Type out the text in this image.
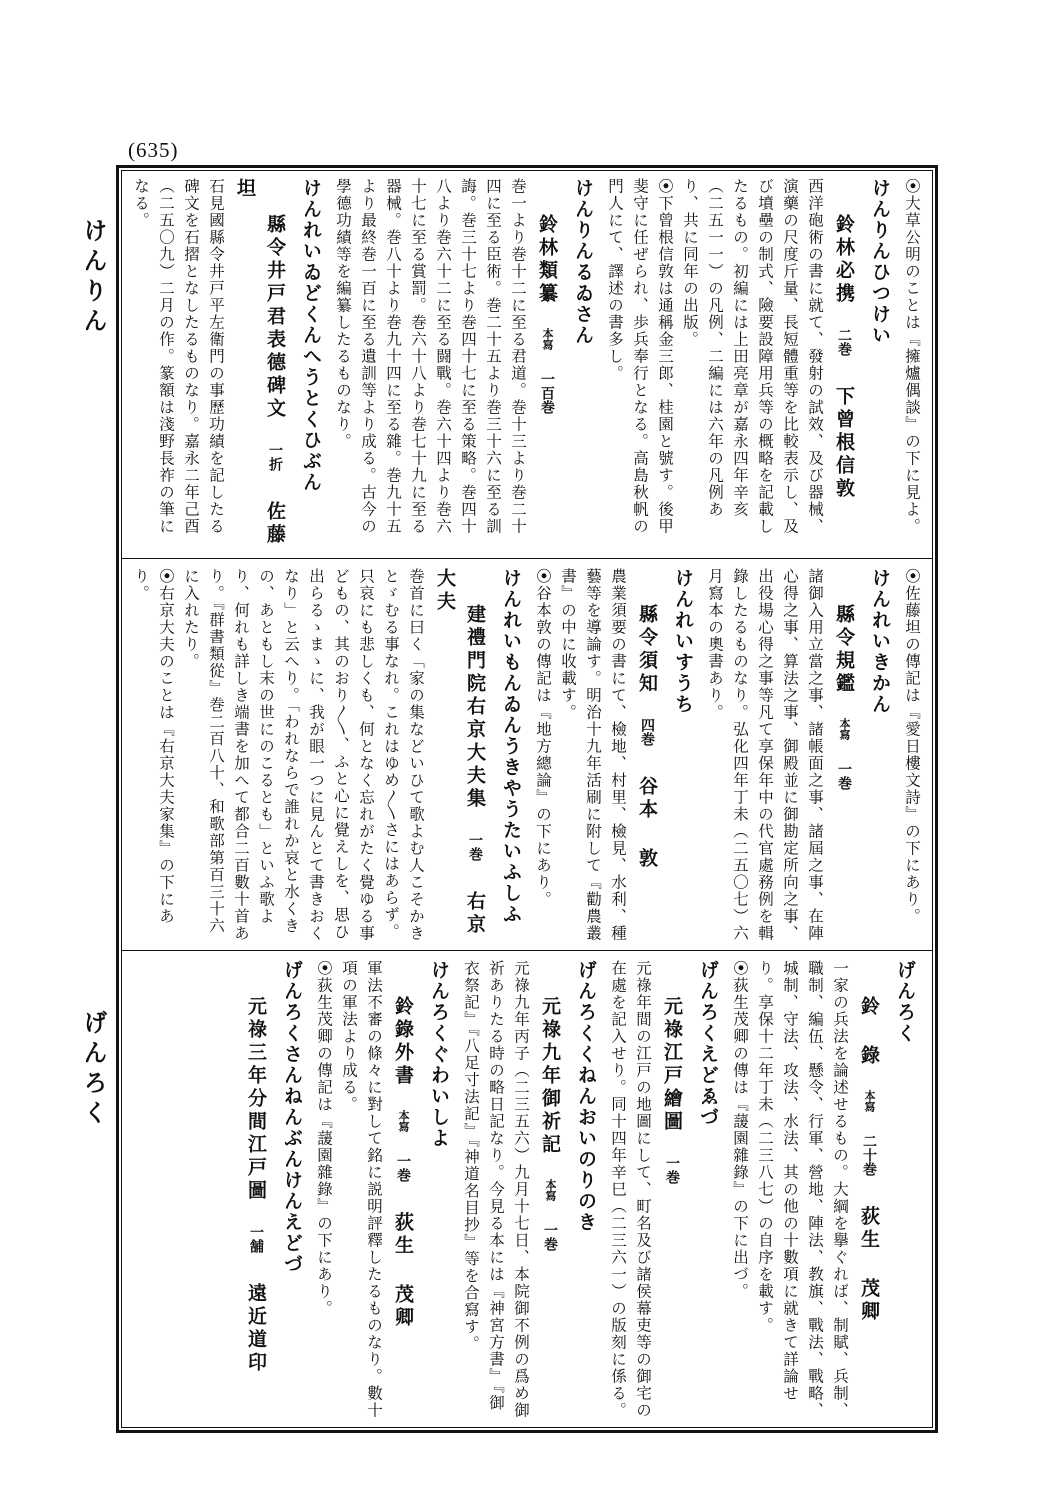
(635)
けんりん
げんろく

⦿大草公明のことは『擁爐偶談』の下に見よ。

けんりんひつけい

鈴林必携二巻下曾根信敦

西洋砲術の書に就て、發射の試效、及び器械、演藥の尺度斤量、長短體重等を比較表示し、及び墳壘の制式、險要設障用兵等の概略を記載したるもの。初編には上田亮章が嘉永四年辛亥（二五一一）の凡例、二編には六年の凡例あり、共に同年の出版。

⦿下曾根信敦は通稱金三郎、桂園と號す。後甲斐守に任ぜられ、歩兵奉行となる。高島秋帆の門人にて、譯述の書多し。

けんりんるゐさん

鈴林類纂本寫一百巻

巻一より巻十二に至る君道。巻十三より巻二十四に至る臣術。巻二十五より巻三十六に至る訓誨。巻三十七より巻四十七に至る策略。巻四十八より巻六十二に至る闘戰。巻六十四より巻六十七に至る賞罰。巻六十八より巻七十九に至る器械。巻八十より巻九十四に至る雜。巻九十五より最終巻一百に至る遺訓等より成る。古今の學德功績等を編纂したるものなり。

けんれいゐどくんへうとくひぶん

縣令井戸君表德碑文一折佐藤 坦

石見國縣令井戸平左衛門の事歷功績を記したる碑文を石摺となしたるものなり。嘉永二年己酉（二五〇九）二月の作。篆額は淺野長祚の筆になる。

⦿佐藤坦の傳記は『愛日樓文詩』の下にあり。

けんれいきかん

縣令規鑑本寫一巻

諸御入用立當之事、諸帳面之事、諸屆之事、在陣心得之事、算法之事、御殿並に御勘定所向之事、出役場心得之事等凡て享保年中の代官處務例を輯錄したるものなり。弘化四年丁未（二五〇七）六月寫本の奧書あり。

けんれいすうち

縣令須知四巻谷本 敦

農業須要の書にて、檢地、村里、檢見、水利、種藝等を導論す。明治十九年活刷に附して『勸農叢書』の中に收載す。

⦿谷本敦の傳記は『地方總論』の下にあり。

けんれいもんゐんうきやうたいふしふ

建禮門院右京大夫集一巻右京大夫

巻首に曰く「家の集などいひて歌よむ人こそかきとゞむる事なれ。これはゆめ〳〵さにはあらず。只哀にも悲しくも、何となく忘れがたく覺ゆる事どもの、其のおり〳〵、ふと心に覺えしを、思ひ出らるゝまゝに、我が眼一つに見んとて書きおくなり」と云へり。「われならで誰れか哀と水くきの、あともし末の世にのこるとも」といふ歌より、何れも詳しき端書を加へて都合二百數十首あり。『群書類從』巻二百八十、和歌部第百三十六に入れたり。

⦿右京大夫のことは『右京大夫家集』の下にあり。

げんろく

鈴 錄本寫二十巻荻生 茂卿

一家の兵法を論述せるもの。大綱を擧ぐれば、制賦、兵制、職制、編伍、懸令、行軍、營地、陣法、教旗、戰法、戰略、城制、守法、攻法、水法、其の他の十數項に就きて詳論せり。享保十二年丁未（二三八七）の自序を載す。

⦿荻生茂卿の傳は『蘐園雜錄』の下に出づ。

げんろくえどゑづ

元祿江戸繪圖一巻

元祿年間の江戸の地圖にして、町名及び諸侯幕吏等の御宅の在處を記入せり。同十四年辛巳（二三六一）の版刻に係る。

げんろくくねんおいのりのき

元祿九年御祈記本寫一巻

元祿九年丙子（二三五六）九月十七日、本院御不例の爲め御祈ありたる時の略日記なり。今見る本には『神宮方書』『御衣祭記』『八足寸法記』『神道名目抄』等を合寫す。

けんろくぐわいしよ

鈴錄外書本寫一巻荻生 茂卿

軍法不審の條々に對して銘に説明評釋したるものなり。數十項の軍法より成る。

⦿荻生茂卿の傳記は『蘐園雜錄』の下にあり。

げんろくさんねんぶんけんえどづ

元祿三年分間江戸圖一舗遠近道印
